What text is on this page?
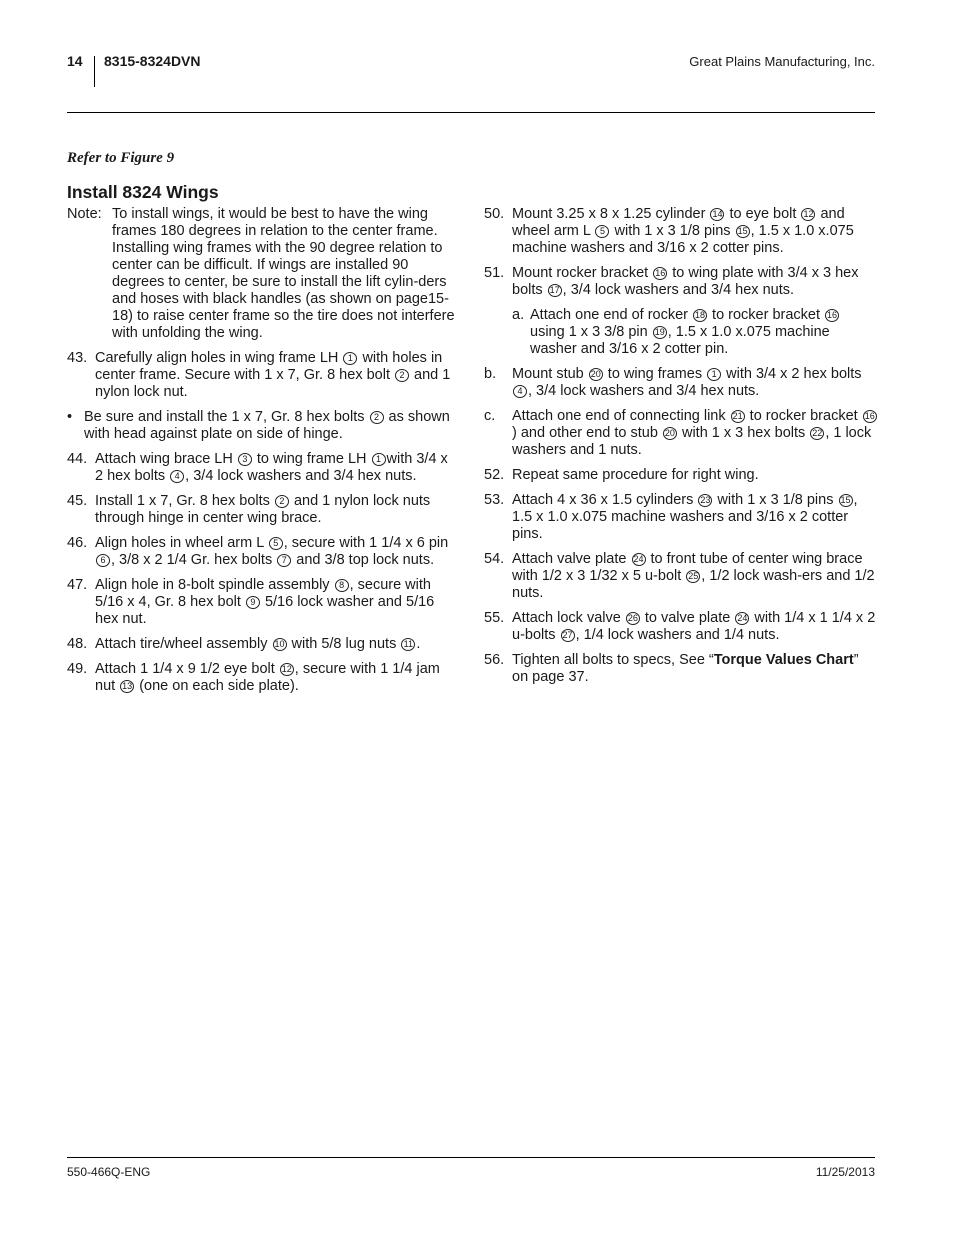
14 8315-8324DVN	Great Plains Manufacturing, Inc.
Refer to Figure 9
Install 8324 Wings
Note: To install wings, it would be best to have the wing frames 180 degrees in relation to the center frame. Installing wing frames with the 90 degree relation to center can be difficult. If wings are installed 90 degrees to center, be sure to install the lift cylin-ders and hoses with black handles (as shown on page15-18) to raise center frame so the tire does not interfere with unfolding the wing.
43. Carefully align holes in wing frame LH 1 with holes in center frame. Secure with 1 x 7, Gr. 8 hex bolt 2 and 1 nylon lock nut.
• Be sure and install the 1 x 7, Gr. 8 hex bolts 2 as shown with head against plate on side of hinge.
44. Attach wing brace LH 3 to wing frame LH 1 with 3/4 x 2 hex bolts 4 , 3/4 lock washers and 3/4 hex nuts.
45. Install 1 x 7, Gr. 8 hex bolts 2 and 1 nylon lock nuts through hinge in center wing brace.
46. Align holes in wheel arm L 5 , secure with 1 1/4 x 6 pin 6 , 3/8 x 2 1/4 Gr. hex bolts 7 and 3/8 top lock nuts.
47. Align hole in 8-bolt spindle assembly 8 , secure with 5/16 x 4, Gr. 8 hex bolt 9 5/16 lock washer and 5/16 hex nut.
48. Attach tire/wheel assembly 10 with 5/8 lug nuts 11 .
49. Attach 1 1/4 x 9 1/2 eye bolt 12 , secure with 1 1/4 jam nut 13 (one on each side plate).
50. Mount 3.25 x 8 x 1.25 cylinder 14 to eye bolt 12 and wheel arm L 5 with 1 x 3 1/8 pins 15 , 1.5 x 1.0 x.075 machine washers and 3/16 x 2 cotter pins.
51. Mount rocker bracket 16 to wing plate with 3/4 x 3 hex bolts 17 , 3/4 lock washers and 3/4 hex nuts.
a. Attach one end of rocker 18 to rocker bracket 16 using 1 x 3 3/8 pin 19 , 1.5 x 1.0 x.075 machine washer and 3/16 x 2 cotter pin.
b.	Mount stub 20 to wing frames 1 with 3/4 x 2 hex bolts 4 , 3/4 lock washers and 3/4 hex nuts.
c.	Attach one end of connecting link 21 to rocker bracket 16) and other end to stub 20 with 1 x 3 hex bolts 22 , 1 lock washers and 1 nuts.
52. Repeat same procedure for right wing.
53. Attach 4 x 36 x 1.5 cylinders 23 with 1 x 3 1/8 pins 15 , 1.5 x 1.0 x.075 machine washers and 3/16 x 2 cotter pins.
54. Attach valve plate 24 to front tube of center wing brace with 1/2 x 3 1/32 x 5 u-bolt 25 , 1/2 lock wash-ers and 1/2 nuts.
55. Attach lock valve 26 to valve plate 24 with 1/4 x 1 1/4 x 2 u-bolts 27 , 1/4 lock washers and 1/4 nuts.
56. Tighten all bolts to specs, See “Torque Values Chart” on page 37.
550-466Q-ENG	11/25/2013
